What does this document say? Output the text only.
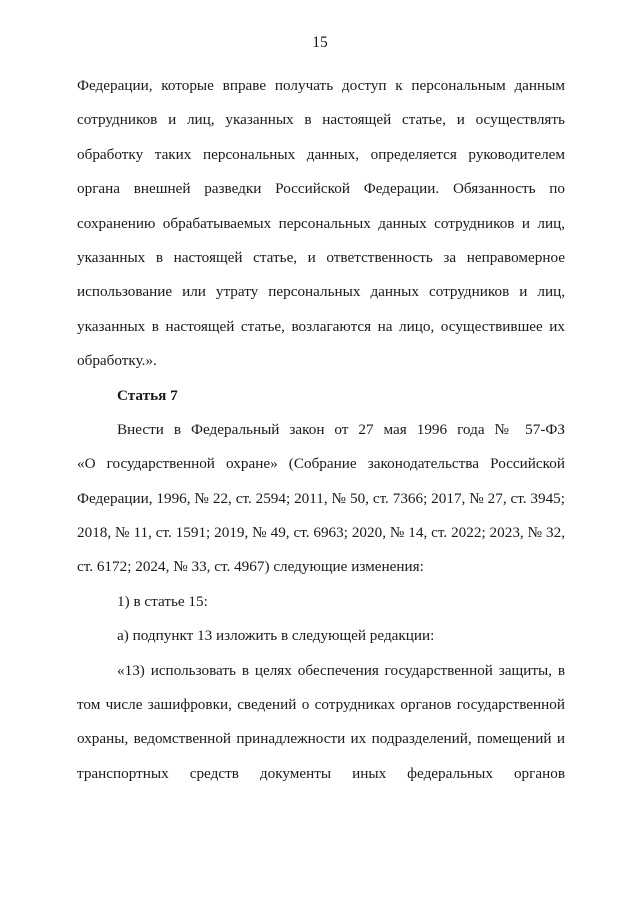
15
Федерации, которые вправе получать доступ к персональным данным
сотрудников и лиц, указанных в настоящей статье, и осуществлять
обработку таких персональных данных, определяется руководителем
органа внешней разведки Российской Федерации. Обязанность по
сохранению обрабатываемых персональных данных сотрудников и лиц,
указанных в настоящей статье, и ответственность за неправомерное
использование или утрату персональных данных сотрудников и лиц,
указанных в настоящей статье, возлагаются на лицо, осуществившее их
обработку.».
Статья 7
Внести в Федеральный закон от 27 мая 1996 года № 57-ФЗ
«О государственной охране» (Собрание законодательства Российской
Федерации, 1996, № 22, ст. 2594; 2011, № 50, ст. 7366; 2017, № 27, ст. 3945;
2018, № 11, ст. 1591; 2019, № 49, ст. 6963; 2020, № 14, ст. 2022; 2023, № 32,
ст. 6172; 2024, № 33, ст. 4967) следующие изменения:
1) в статье 15:
а) подпункт 13 изложить в следующей редакции:
«13) использовать в целях обеспечения государственной защиты, в
том числе зашифровки, сведений о сотрудниках органов государственной
охраны, ведомственной принадлежности их подразделений, помещений и
транспортных средств документы иных федеральных органов
